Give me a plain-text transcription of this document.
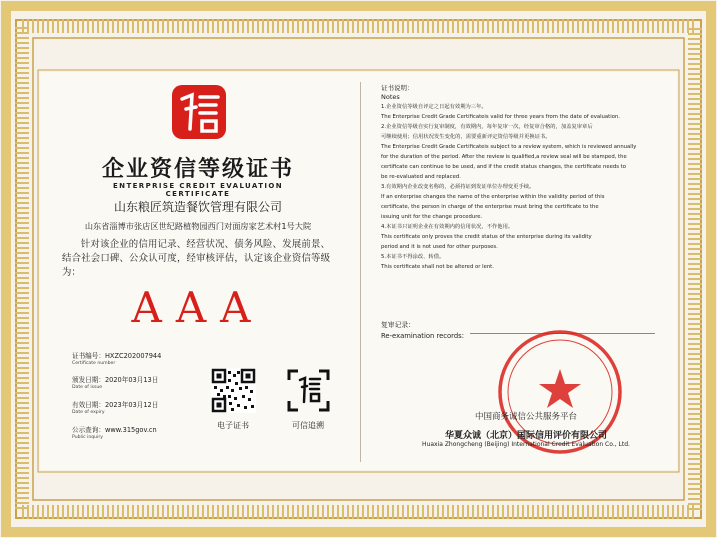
企业资信等级证书
ENTERPRISE CREDIT EVALUATION CERTIFICATE
山东粮匠筑造餐饮管理有限公司
山东省淄博市张店区世纪路植物园西门对面房家艺术村1号大院
针对该企业的信用记录、经营状况、债务风险、发展前景、结合社会口碑、公众认可度，经审核评估，认定该企业资信等级为：
AAA
证书编号：HXZC202007944
Certificate number
颁发日期：2020年03月13日
Date of issue
有效日期：2023年03月12日
Date of expiry
公示查询：www.315gov.cn
Public inquiry
电子证书	可信追溯
证书说明：
Notes
1.企业资信等级自评定之日起有效期为三年。
The Enterprise Credit Grade Certificateis valid for three years from the date of evaluation.
2.企业资信等级自实行复审制度，有效期内，每年复审一次，经复审合格的，加盖复审章后
可继续使用；信用状况发生变化的，需要重新评定资信等级并更换证书。
The Enterprise Credit Grade Certificateis subject to a review system, which is reviewed annually
for the duration of the period. After the review is qualified,a review seal will be stamped, the
certificate can continue to be used, and if the credit status changes, the certificate needs to
be re-evaluated and replaced.
3.有效期内企业改变名称的，必须持证到发证单位办理变更手续。
If an enterprise changes the name of the enterprise within the validity period of this
certificate, the person in charge of the enterprise must bring the certificate to the
issuing unit for the change procedure.
4.本证书只证明企业在有效期内的信用状况，不作他用。
This certificate only proves the credit status of the enterprise during its validity
period and it is not used for other purposes.
5.本证书不得涂改、转借。
This certificate shall not be altered or lent.
复审记录：
Re-examination records:
中国商务诚信公共服务平台
华夏众诚（北京）国际信用评价有限公司
Huaxia Zhongcheng (Beijing) International Credit Evaluation Co., Ltd.
